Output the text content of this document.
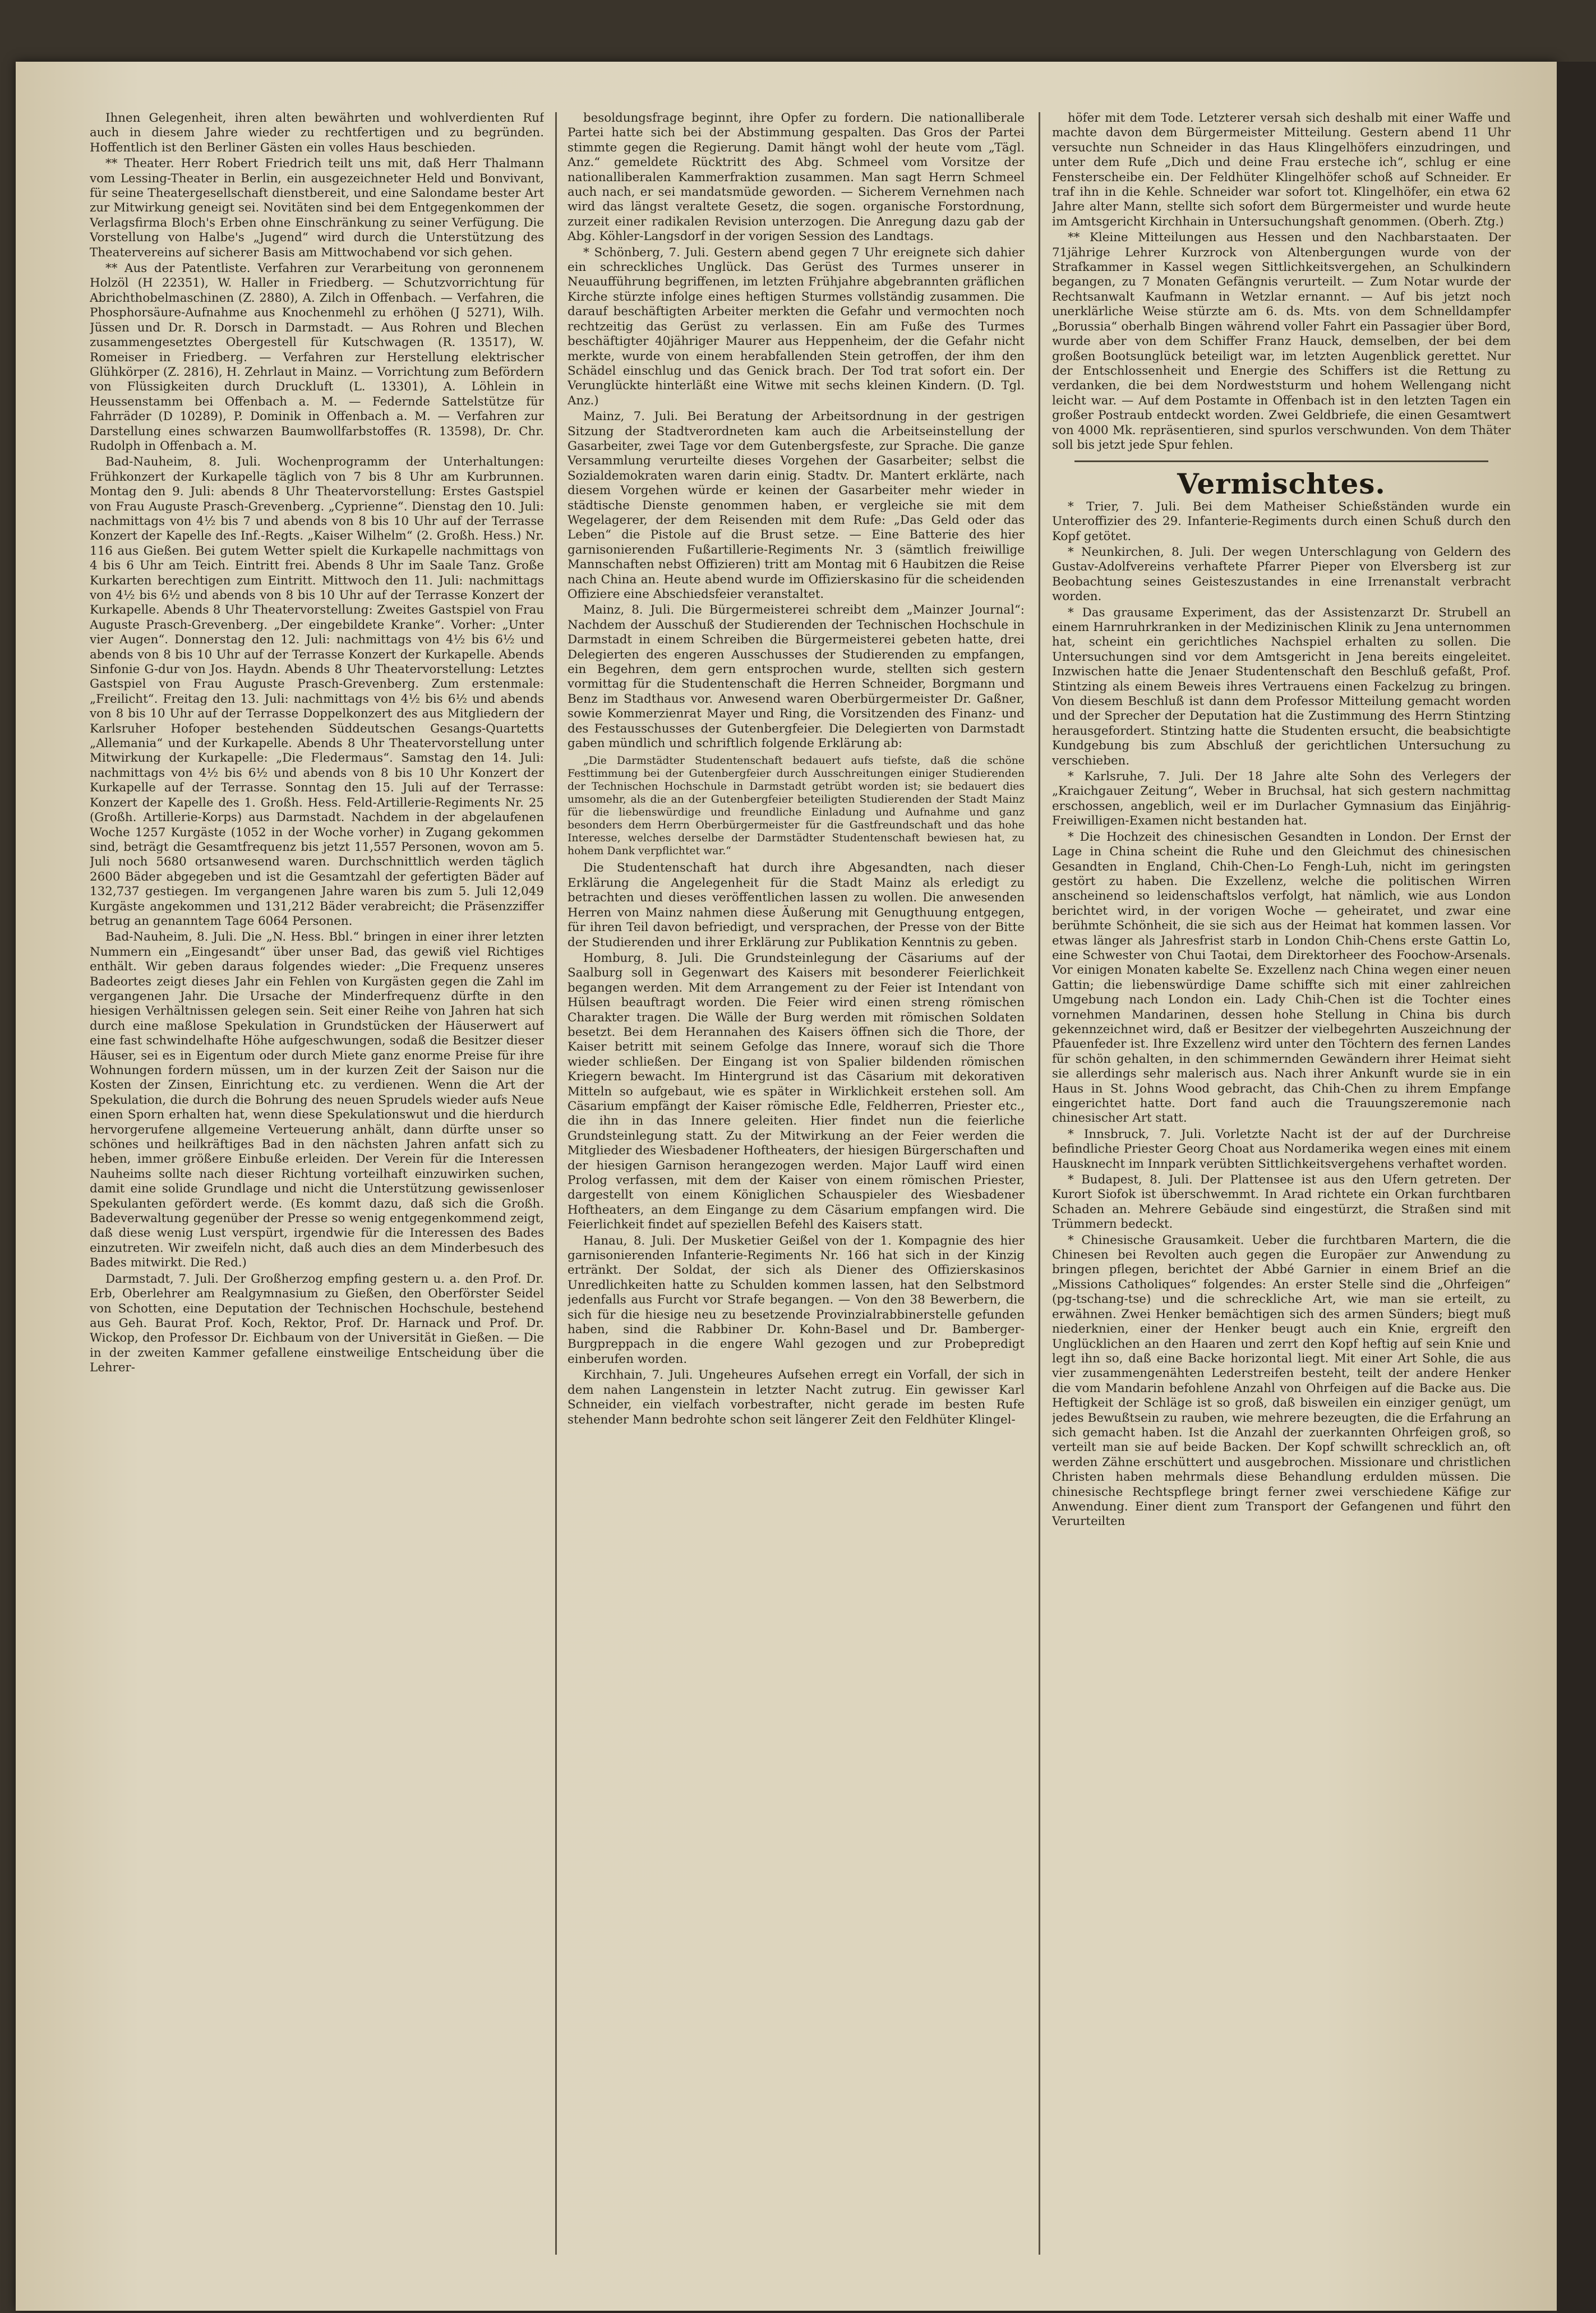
Ihnen Gelegenheit, ihren alten bewährten und wohlverdienten Ruf auch in diesem Jahre wieder zu rechtfertigen und zu begründen. Hoffentlich ist den Berliner Gästen ein volles Haus beschieden.

** Theater. Herr Robert Friedrich teilt uns mit, daß Herr Thalmann vom Lessing-Theater in Berlin, ein ausgezeichneter Held und Bonvivant, für seine Theatergesellschaft dienstbereit, und eine Salondame bester Art zur Mitwirkung geneigt sei. Novitäten sind bei dem Entgegenkommen der Verlagsfirma Bloch's Erben ohne Einschränkung zu seiner Verfügung. Die Vorstellung von Halbe's „Jugend“ wird durch die Unterstützung des Theatervereins auf sicherer Basis am Mittwochabend vor sich gehen.

** Aus der Patentliste. Verfahren zur Verarbeitung von geronnenem Holzöl (H 22351), W. Haller in Friedberg. — Schutzvorrichtung für Abrichthobelmaschinen (Z. 2880), A. Zilch in Offenbach. — Verfahren, die Phosphorsäure-Aufnahme aus Knochenmehl zu erhöhen (J 5271), Wilh. Jüssen und Dr. R. Dorsch in Darmstadt. — Aus Rohren und Blechen zusammengesetztes Obergestell für Kutschwagen (R. 13517), W. Romeiser in Friedberg. — Verfahren zur Herstellung elektrischer Glühkörper (Z. 2816), H. Zehrlaut in Mainz. — Vorrichtung zum Befördern von Flüssigkeiten durch Druckluft (L. 13301), A. Löhlein in Heussenstamm bei Offenbach a. M. — Federnde Sattelstütze für Fahrräder (D 10289), P. Dominik in Offenbach a. M. — Verfahren zur Darstellung eines schwarzen Baumwollfarbstoffes (R. 13598), Dr. Chr. Rudolph in Offenbach a. M.

Bad-Nauheim, 8. Juli. Wochenprogramm der Unterhaltungen: Frühkonzert der Kurkapelle täglich von 7 bis 8 Uhr am Kurbrunnen. Montag den 9. Juli: abends 8 Uhr Theatervorstellung: Erstes Gastspiel von Frau Auguste Prasch-Grevenberg. „Cyprienne“. Dienstag den 10. Juli: nachmittags von 4½ bis 7 und abends von 8 bis 10 Uhr auf der Terrasse Konzert der Kapelle des Inf.-Regts. „Kaiser Wilhelm“ (2. Großh. Hess.) Nr. 116 aus Gießen. Bei gutem Wetter spielt die Kurkapelle nachmittags von 4 bis 6 Uhr am Teich. Eintritt frei. Abends 8 Uhr im Saale Tanz. Große Kurkarten berechtigen zum Eintritt. Mittwoch den 11. Juli: nachmittags von 4½ bis 6½ und abends von 8 bis 10 Uhr auf der Terrasse Konzert der Kurkapelle. Abends 8 Uhr Theatervorstellung: Zweites Gastspiel von Frau Auguste Prasch-Grevenberg. „Der eingebildete Kranke“. Vorher: „Unter vier Augen“. Donnerstag den 12. Juli: nachmittags von 4½ bis 6½ und abends von 8 bis 10 Uhr auf der Terrasse Konzert der Kurkapelle. Abends Sinfonie G-dur von Jos. Haydn. Abends 8 Uhr Theatervorstellung: Letztes Gastspiel von Frau Auguste Prasch-Grevenberg. Zum erstenmale: „Freilicht“. Freitag den 13. Juli: nachmittags von 4½ bis 6½ und abends von 8 bis 10 Uhr auf der Terrasse Doppelkonzert des aus Mitgliedern der Karlsruher Hofoper bestehenden Süddeutschen Gesangs-Quartetts „Allemania“ und der Kurkapelle. Abends 8 Uhr Theatervorstellung unter Mitwirkung der Kurkapelle: „Die Fledermaus“. Samstag den 14. Juli: nachmittags von 4½ bis 6½ und abends von 8 bis 10 Uhr Konzert der Kurkapelle auf der Terrasse. Sonntag den 15. Juli auf der Terrasse: Konzert der Kapelle des 1. Großh. Hess. Feld-Artillerie-Regiments Nr. 25 (Großh. Artillerie-Korps) aus Darmstadt. Nachdem in der abgelaufenen Woche 1257 Kurgäste (1052 in der Woche vorher) in Zugang gekommen sind, beträgt die Gesamtfrequenz bis jetzt 11,557 Personen, wovon am 5. Juli noch 5680 ortsanwesend waren. Durchschnittlich werden täglich 2600 Bäder abgegeben und ist die Gesamtzahl der gefertigten Bäder auf 132,737 gestiegen. Im vergangenen Jahre waren bis zum 5. Juli 12,049 Kurgäste angekommen und 131,212 Bäder verabreicht; die Präsenzziffer betrug an genanntem Tage 6064 Personen.

Bad-Nauheim, 8. Juli. Die „N. Hess. Bbl.“ bringen in einer ihrer letzten Nummern ein „Eingesandt“ über unser Bad, das gewiß viel Richtiges enthält. Wir geben daraus folgendes wieder: „Die Frequenz unseres Badeortes zeigt dieses Jahr ein Fehlen von Kurgästen gegen die Zahl im vergangenen Jahr. Die Ursache der Minderfrequenz dürfte in den hiesigen Verhältnissen gelegen sein. Seit einer Reihe von Jahren hat sich durch eine maßlose Spekulation in Grundstücken der Häuserwert auf eine fast schwindelhafte Höhe aufgeschwungen, sodaß die Besitzer dieser Häuser, sei es in Eigentum oder durch Miete ganz enorme Preise für ihre Wohnungen fordern müssen, um in der kurzen Zeit der Saison nur die Kosten der Zinsen, Einrichtung etc. zu verdienen. Wenn die Art der Spekulation, die durch die Bohrung des neuen Sprudels wieder aufs Neue einen Sporn erhalten hat, wenn diese Spekulationswut und die hierdurch hervorgerufene allgemeine Verteuerung anhält, dann dürfte unser so schönes und heilkräftiges Bad in den nächsten Jahren anfatt sich zu heben, immer größere Einbuße erleiden. Der Verein für die Interessen Nauheims sollte nach dieser Richtung vorteilhaft einzuwirken suchen, damit eine solide Grundlage und nicht die Unterstützung gewissenloser Spekulanten gefördert werde. (Es kommt dazu, daß sich die Großh. Badeverwaltung gegenüber der Presse so wenig entgegenkommend zeigt, daß diese wenig Lust verspürt, irgendwie für die Interessen des Bades einzutreten. Wir zweifeln nicht, daß auch dies an dem Minderbesuch des Bades mitwirkt. Die Red.)

Darmstadt, 7. Juli. Der Großherzog empfing gestern u. a. den Prof. Dr. Erb, Oberlehrer am Realgymnasium zu Gießen, den Oberförster Seidel von Schotten, eine Deputation der Technischen Hochschule, bestehend aus Geh. Baurat Prof. Koch, Rektor, Prof. Dr. Harnack und Prof. Dr. Wickop, den Professor Dr. Eichbaum von der Universität in Gießen. — Die in der zweiten Kammer gefallene einstweilige Entscheidung über die Lehrer-

besoldungsfrage beginnt, ihre Opfer zu fordern. Die nationalliberale Partei hatte sich bei der Abstimmung gespalten. Das Gros der Partei stimmte gegen die Regierung. Damit hängt wohl der heute vom „Tägl. Anz.“ gemeldete Rücktritt des Abg. Schmeel vom Vorsitze der nationalliberalen Kammerfraktion zusammen. Man sagt Herrn Schmeel auch nach, er sei mandatsmüde geworden. — Sicherem Vernehmen nach wird das längst veraltete Gesetz, die sogen. organische Forstordnung, zurzeit einer radikalen Revision unterzogen. Die Anregung dazu gab der Abg. Köhler-Langsdorf in der vorigen Session des Landtags.

* Schönberg, 7. Juli. Gestern abend gegen 7 Uhr ereignete sich dahier ein schreckliches Unglück. Das Gerüst des Turmes unserer in Neuaufführung begriffenen, im letzten Frühjahre abgebrannten gräflichen Kirche stürzte infolge eines heftigen Sturmes vollständig zusammen. Die darauf beschäftigten Arbeiter merkten die Gefahr und vermochten noch rechtzeitig das Gerüst zu verlassen. Ein am Fuße des Turmes beschäftigter 40jähriger Maurer aus Heppenheim, der die Gefahr nicht merkte, wurde von einem herabfallenden Stein getroffen, der ihm den Schädel einschlug und das Genick brach. Der Tod trat sofort ein. Der Verunglückte hinterläßt eine Witwe mit sechs kleinen Kindern. (D. Tgl. Anz.)

Mainz, 7. Juli. Bei Beratung der Arbeitsordnung in der gestrigen Sitzung der Stadtverordneten kam auch die Arbeitseinstellung der Gasarbeiter, zwei Tage vor dem Gutenbergsfeste, zur Sprache. Die ganze Versammlung verurteilte dieses Vorgehen der Gasarbeiter; selbst die Sozialdemokraten waren darin einig. Stadtv. Dr. Mantert erklärte, nach diesem Vorgehen würde er keinen der Gasarbeiter mehr wieder in städtische Dienste genommen haben, er vergleiche sie mit dem Wegelagerer, der dem Reisenden mit dem Rufe: „Das Geld oder das Leben“ die Pistole auf die Brust setze. — Eine Batterie des hier garnisonierenden Fußartillerie-Regiments Nr. 3 (sämtlich freiwillige Mannschaften nebst Offizieren) tritt am Montag mit 6 Haubitzen die Reise nach China an. Heute abend wurde im Offizierskasino für die scheidenden Offiziere eine Abschiedsfeier veranstaltet.

Mainz, 8. Juli. Die Bürgermeisterei schreibt dem „Mainzer Journal“: Nachdem der Ausschuß der Studierenden der Technischen Hochschule in Darmstadt in einem Schreiben die Bürgermeisterei gebeten hatte, drei Delegierten des engeren Ausschusses der Studierenden zu empfangen, ein Begehren, dem gern entsprochen wurde, stellten sich gestern vormittag für die Studentenschaft die Herren Schneider, Borgmann und Benz im Stadthaus vor. Anwesend waren Oberbürgermeister Dr. Gaßner, sowie Kommerzienrat Mayer und Ring, die Vorsitzenden des Finanz- und des Festausschusses der Gutenbergfeier. Die Delegierten von Darmstadt gaben mündlich und schriftlich folgende Erklärung ab:

„Die Darmstädter Studentenschaft bedauert aufs tiefste, daß die schöne Festtimmung bei der Gutenbergfeier durch Ausschreitungen einiger Studierenden der Technischen Hochschule in Darmstadt getrübt worden ist; sie bedauert dies umsomehr, als die an der Gutenbergfeier beteiligten Studierenden der Stadt Mainz für die liebenswürdige und freundliche Einladung und Aufnahme und ganz besonders dem Herrn Oberbürgermeister für die Gastfreundschaft und das hohe Interesse, welches derselbe der Darmstädter Studentenschaft bewiesen hat, zu hohem Dank verpflichtet war.“

Die Studentenschaft hat durch ihre Abgesandten, nach dieser Erklärung die Angelegenheit für die Stadt Mainz als erledigt zu betrachten und dieses veröffentlichen lassen zu wollen. Die anwesenden Herren von Mainz nahmen diese Äußerung mit Genugthuung entgegen, für ihren Teil davon befriedigt, und versprachen, der Presse von der Bitte der Studierenden und ihrer Erklärung zur Publikation Kenntnis zu geben.

Homburg, 8. Juli. Die Grundsteinlegung der Cäsariums auf der Saalburg soll in Gegenwart des Kaisers mit besonderer Feierlichkeit begangen werden. Mit dem Arrangement zu der Feier ist Intendant von Hülsen beauftragt worden. Die Feier wird einen streng römischen Charakter tragen. Die Wälle der Burg werden mit römischen Soldaten besetzt. Bei dem Herannahen des Kaisers öffnen sich die Thore, der Kaiser betritt mit seinem Gefolge das Innere, worauf sich die Thore wieder schließen. Der Eingang ist von Spalier bildenden römischen Kriegern bewacht. Im Hintergrund ist das Cäsarium mit dekorativen Mitteln so aufgebaut, wie es später in Wirklichkeit erstehen soll. Am Cäsarium empfängt der Kaiser römische Edle, Feldherren, Priester etc., die ihn in das Innere geleiten. Hier findet nun die feierliche Grundsteinlegung statt. Zu der Mitwirkung an der Feier werden die Mitglieder des Wiesbadener Hoftheaters, der hiesigen Bürgerschaften und der hiesigen Garnison herangezogen werden. Major Lauff wird einen Prolog verfassen, mit dem der Kaiser von einem römischen Priester, dargestellt von einem Königlichen Schauspieler des Wiesbadener Hoftheaters, an dem Eingange zu dem Cäsarium empfangen wird. Die Feierlichkeit findet auf speziellen Befehl des Kaisers statt.

Hanau, 8. Juli. Der Musketier Geißel von der 1. Kompagnie des hier garnisonierenden Infanterie-Regiments Nr. 166 hat sich in der Kinzig ertränkt. Der Soldat, der sich als Diener des Offizierskasinos Unredlichkeiten hatte zu Schulden kommen lassen, hat den Selbstmord jedenfalls aus Furcht vor Strafe begangen. — Von den 38 Bewerbern, die sich für die hiesige neu zu besetzende Provinzialrabbinerstelle gefunden haben, sind die Rabbiner Dr. Kohn-Basel und Dr. Bamberger-Burgpreppach in die engere Wahl gezogen und zur Probepredigt einberufen worden.

Kirchhain, 7. Juli. Ungeheures Aufsehen erregt ein Vorfall, der sich in dem nahen Langenstein in letzter Nacht zutrug. Ein gewisser Karl Schneider, ein vielfach vorbestrafter, nicht gerade im besten Rufe stehender Mann bedrohte schon seit längerer Zeit den Feldhüter Klingel-

höfer mit dem Tode. Letzterer versah sich deshalb mit einer Waffe und machte davon dem Bürgermeister Mitteilung. Gestern abend 11 Uhr versuchte nun Schneider in das Haus Klingelhöfers einzudringen, und unter dem Rufe „Dich und deine Frau ersteche ich“, schlug er eine Fensterscheibe ein. Der Feldhüter Klingelhöfer schoß auf Schneider. Er traf ihn in die Kehle. Schneider war sofort tot. Klingelhöfer, ein etwa 62 Jahre alter Mann, stellte sich sofort dem Bürgermeister und wurde heute im Amtsgericht Kirchhain in Untersuchungshaft genommen. (Oberh. Ztg.)

** Kleine Mitteilungen aus Hessen und den Nachbarstaaten. Der 71jährige Lehrer Kurzrock von Altenbergungen wurde von der Strafkammer in Kassel wegen Sittlichkeitsvergehen, an Schulkindern begangen, zu 7 Monaten Gefängnis verurteilt. — Zum Notar wurde der Rechtsanwalt Kaufmann in Wetzlar ernannt. — Auf bis jetzt noch unerklärliche Weise stürzte am 6. ds. Mts. von dem Schnelldampfer „Borussia“ oberhalb Bingen während voller Fahrt ein Passagier über Bord, wurde aber von dem Schiffer Franz Hauck, demselben, der bei dem großen Bootsunglück beteiligt war, im letzten Augenblick gerettet. Nur der Entschlossenheit und Energie des Schiffers ist die Rettung zu verdanken, die bei dem Nordweststurm und hohem Wellengang nicht leicht war. — Auf dem Postamte in Offenbach ist in den letzten Tagen ein großer Postraub entdeckt worden. Zwei Geldbriefe, die einen Gesamtwert von 4000 Mk. repräsentieren, sind spurlos verschwunden. Von dem Thäter soll bis jetzt jede Spur fehlen.

Vermischtes.

* Trier, 7. Juli. Bei dem Matheiser Schießständen wurde ein Unteroffizier des 29. Infanterie-Regiments durch einen Schuß durch den Kopf getötet.

* Neunkirchen, 8. Juli. Der wegen Unterschlagung von Geldern des Gustav-Adolfvereins verhaftete Pfarrer Pieper von Elversberg ist zur Beobachtung seines Geisteszustandes in eine Irrenanstalt verbracht worden.

* Das grausame Experiment, das der Assistenzarzt Dr. Strubell an einem Harnruhrkranken in der Medizinischen Klinik zu Jena unternommen hat, scheint ein gerichtliches Nachspiel erhalten zu sollen. Die Untersuchungen sind vor dem Amtsgericht in Jena bereits eingeleitet. Inzwischen hatte die Jenaer Studentenschaft den Beschluß gefaßt, Prof. Stintzing als einem Beweis ihres Vertrauens einen Fackelzug zu bringen. Von diesem Beschluß ist dann dem Professor Mitteilung gemacht worden und der Sprecher der Deputation hat die Zustimmung des Herrn Stintzing herausgefordert. Stintzing hatte die Studenten ersucht, die beabsichtigte Kundgebung bis zum Abschluß der gerichtlichen Untersuchung zu verschieben.

* Karlsruhe, 7. Juli. Der 18 Jahre alte Sohn des Verlegers der „Kraichgauer Zeitung“, Weber in Bruchsal, hat sich gestern nachmittag erschossen, angeblich, weil er im Durlacher Gymnasium das Einjährig-Freiwilligen-Examen nicht bestanden hat.

* Die Hochzeit des chinesischen Gesandten in London. Der Ernst der Lage in China scheint die Ruhe und den Gleichmut des chinesischen Gesandten in England, Chih-Chen-Lo Fengh-Luh, nicht im geringsten gestört zu haben. Die Exzellenz, welche die politischen Wirren anscheinend so leidenschaftslos verfolgt, hat nämlich, wie aus London berichtet wird, in der vorigen Woche — geheiratet, und zwar eine berühmte Schönheit, die sie sich aus der Heimat hat kommen lassen. Vor etwas länger als Jahresfrist starb in London Chih-Chens erste Gattin Lo, eine Schwester von Chui Taotai, dem Direktorheer des Foochow-Arsenals. Vor einigen Monaten kabelte Se. Exzellenz nach China wegen einer neuen Gattin; die liebenswürdige Dame schiffte sich mit einer zahlreichen Umgebung nach London ein. Lady Chih-Chen ist die Tochter eines vornehmen Mandarinen, dessen hohe Stellung in China bis durch gekennzeichnet wird, daß er Besitzer der vielbegehrten Auszeichnung der Pfauenfeder ist. Ihre Exzellenz wird unter den Töchtern des fernen Landes für schön gehalten, in den schimmernden Gewändern ihrer Heimat sieht sie allerdings sehr malerisch aus. Nach ihrer Ankunft wurde sie in ein Haus in St. Johns Wood gebracht, das Chih-Chen zu ihrem Empfange eingerichtet hatte. Dort fand auch die Trauungszeremonie nach chinesischer Art statt.

* Innsbruck, 7. Juli. Vorletzte Nacht ist der auf der Durchreise befindliche Priester Georg Choat aus Nordamerika wegen eines mit einem Hausknecht im Innpark verübten Sittlichkeitsvergehens verhaftet worden.

* Budapest, 8. Juli. Der Plattensee ist aus den Ufern getreten. Der Kurort Siofok ist überschwemmt. In Arad richtete ein Orkan furchtbaren Schaden an. Mehrere Gebäude sind eingestürzt, die Straßen sind mit Trümmern bedeckt.

* Chinesische Grausamkeit. Ueber die furchtbaren Martern, die die Chinesen bei Revolten auch gegen die Europäer zur Anwendung zu bringen pflegen, berichtet der Abbé Garnier in einem Brief an die „Missions Catholiques“ folgendes: An erster Stelle sind die „Ohrfeigen“ (pg-tschang-tse) und die schreckliche Art, wie man sie erteilt, zu erwähnen. Zwei Henker bemächtigen sich des armen Sünders; biegt muß niederknien, einer der Henker beugt auch ein Knie, ergreift den Unglücklichen an den Haaren und zerrt den Kopf heftig auf sein Knie und legt ihn so, daß eine Backe horizontal liegt. Mit einer Art Sohle, die aus vier zusammengenähten Lederstreifen besteht, teilt der andere Henker die vom Mandarin befohlene Anzahl von Ohrfeigen auf die Backe aus. Die Heftigkeit der Schläge ist so groß, daß bisweilen ein einziger genügt, um jedes Bewußtsein zu rauben, wie mehrere bezeugten, die die Erfahrung an sich gemacht haben. Ist die Anzahl der zuerkannten Ohrfeigen groß, so verteilt man sie auf beide Backen. Der Kopf schwillt schrecklich an, oft werden Zähne erschüttert und ausgebrochen. Missionare und christlichen Christen haben mehrmals diese Behandlung erdulden müssen. Die chinesische Rechtspflege bringt ferner zwei verschiedene Käfige zur Anwendung. Einer dient zum Transport der Gefangenen und führt den Verurteilten
